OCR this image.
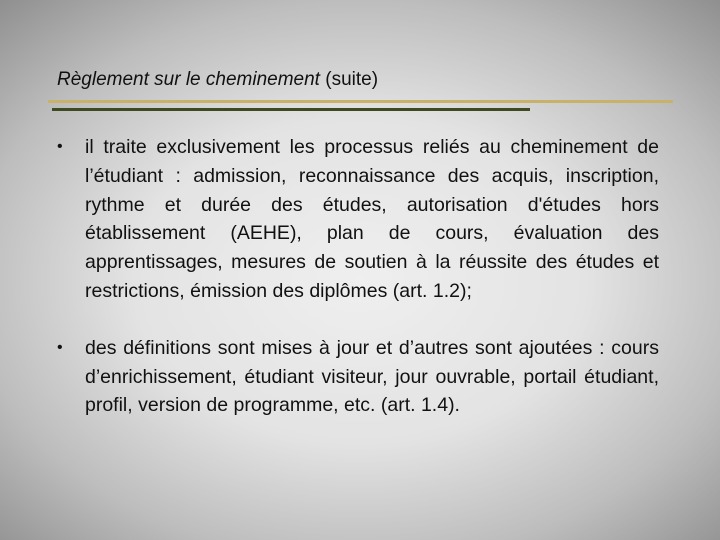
Règlement sur le cheminement (suite)
• il traite exclusivement les processus reliés au cheminement de l’étudiant : admission, reconnaissance des acquis, inscription, rythme et durée des études, autorisation d'études hors établissement (AEHE), plan de cours, évaluation des apprentissages, mesures de soutien à la réussite des études et restrictions, émission des diplômes (art. 1.2);
• des définitions sont mises à jour et d’autres sont ajoutées : cours d’enrichissement, étudiant visiteur, jour ouvrable, portail étudiant, profil, version de programme, etc. (art. 1.4).
